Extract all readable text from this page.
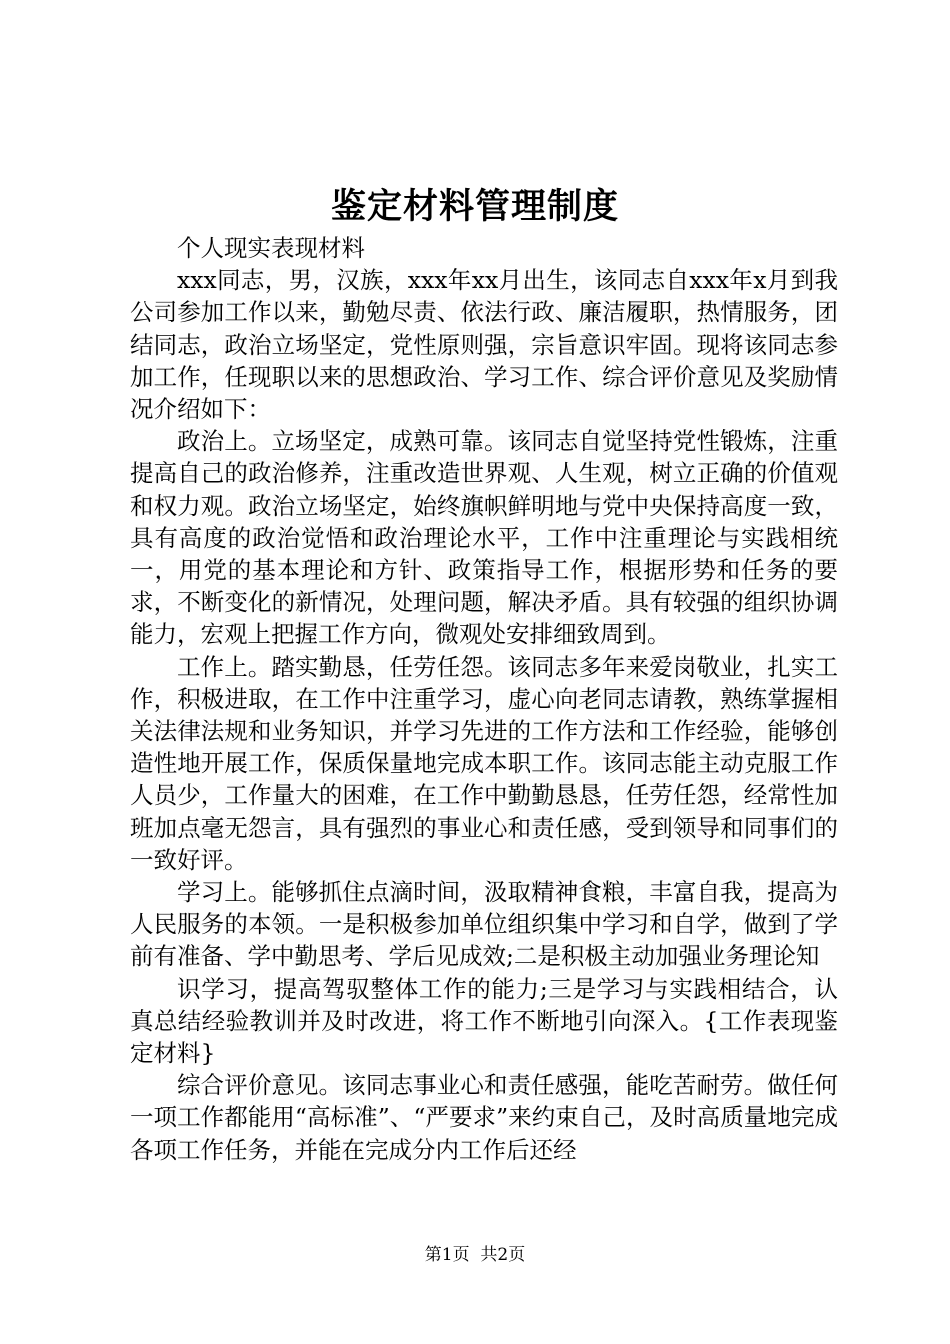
鉴定材料管理制度

个人现实表现材料

xxx同志，男，汉族，xxx年xx月出生，该同志自xxx年x月到我公司参加工作以来，勤勉尽责、依法行政、廉洁履职，热情服务，团结同志，政治立场坚定，党性原则强，宗旨意识牢固。现将该同志参加工作，任现职以来的思想政治、学习工作、综合评价意见及奖励情况介绍如下：

政治上。立场坚定，成熟可靠。该同志自觉坚持党性锻炼，注重提高自己的政治修养，注重改造世界观、人生观，树立正确的价值观和权力观。政治立场坚定，始终旗帜鲜明地与党中央保持高度一致，具有高度的政治觉悟和政治理论水平，工作中注重理论与实践相统一，用党的基本理论和方针、政策指导工作，根据形势和任务的要求，不断变化的新情况，处理问题，解决矛盾。具有较强的组织协调能力，宏观上把握工作方向，微观处安排细致周到。

工作上。踏实勤恳，任劳任怨。该同志多年来爱岗敬业，扎实工作，积极进取，在工作中注重学习，虚心向老同志请教，熟练掌握相关法律法规和业务知识，并学习先进的工作方法和工作经验，能够创造性地开展工作，保质保量地完成本职工作。该同志能主动克服工作人员少，工作量大的困难，在工作中勤勤恳恳，任劳任怨，经常性加班加点毫无怨言，具有强烈的事业心和责任感，受到领导和同事们的一致好评。

学习上。能够抓住点滴时间，汲取精神食粮，丰富自我，提高为人民服务的本领。一是积极参加单位组织集中学习和自学，做到了学前有准备、学中勤思考、学后见成效;二是积极主动加强业务理论知

识学习，提高驾驭整体工作的能力;三是学习与实践相结合，认真总结经验教训并及时改进，将工作不断地引向深入。{工作表现鉴定材料}

综合评价意见。该同志事业心和责任感强，能吃苦耐劳。做任何一项工作都能用“高标准”、“严要求”来约束自己，及时高质量地完成各项工作任务，并能在完成分内工作后还经

第1页  共2页
